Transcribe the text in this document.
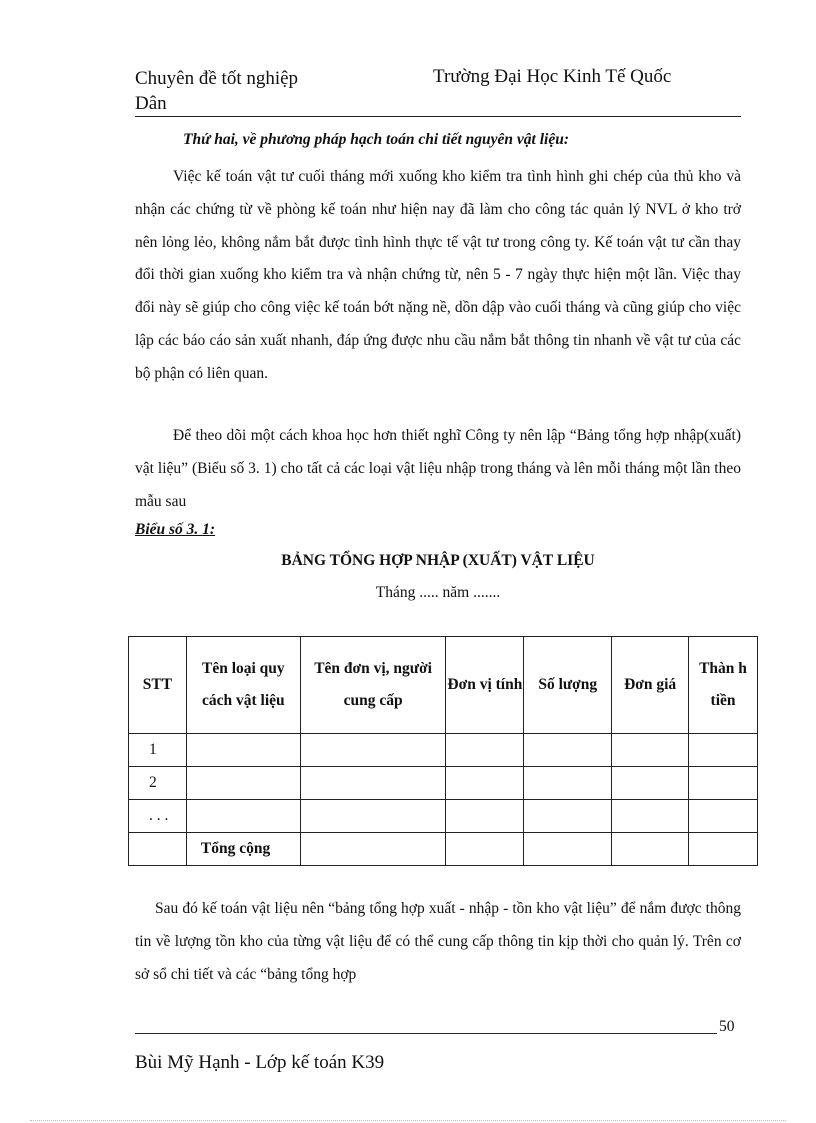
Chuyên đề tốt nghiệp
Dân
Trường Đại Học Kinh Tế Quốc
Thứ hai, về phương pháp hạch toán chi tiết nguyên vật liệu:
Việc kế toán vật tư cuối tháng mới xuống kho kiểm tra tình hình ghi chép của thủ kho và nhận các chứng từ về phòng kế toán như hiện nay đã làm cho công tác quản lý NVL ở kho trở nên lỏng lẻo, không nắm bắt được tình hình thực tế vật tư trong công ty. Kế toán vật tư cần thay đổi thời gian xuống kho kiểm tra và nhận chứng từ, nên 5 - 7 ngày thực hiện một lần. Việc thay đổi này sẽ giúp cho công việc kế toán bớt nặng nề, dồn dập vào cuối tháng và cũng giúp cho việc lập các báo cáo sản xuất nhanh, đáp ứng được nhu cầu nắm bắt thông tin nhanh về vật tư của các bộ phận có liên quan.
Để theo dõi một cách khoa học hơn thiết nghĩ Công ty nên lập “Bảng tổng hợp nhập(xuất) vật liệu” (Biểu số 3. 1) cho tất cả các loại vật liệu nhập trong tháng và lên mỗi tháng một lần theo mẫu sau
Biểu số 3. 1:
BẢNG TỔNG HỢP NHẬP (XUẤT) VẬT LIỆU
Tháng ..... năm .......
STT	Tên loại quy cách vật liệu	Tên đơn vị, người cung cấp	Đơn vị tính	Số lượng	Đơn giá	Thàn h tiền
1						
2						
. . .						
	Tổng cộng					
Sau đó kế toán vật liệu nên “bảng tổng hợp xuất - nhập - tồn kho vật liệu” để nắm được thông tin về lượng tồn kho của từng vật liệu để có thể cung cấp thông tin kịp thời cho quản lý. Trên cơ sở sổ chi tiết và các “bảng tổng hợp
50
Bùi Mỹ Hạnh - Lớp kế toán K39
